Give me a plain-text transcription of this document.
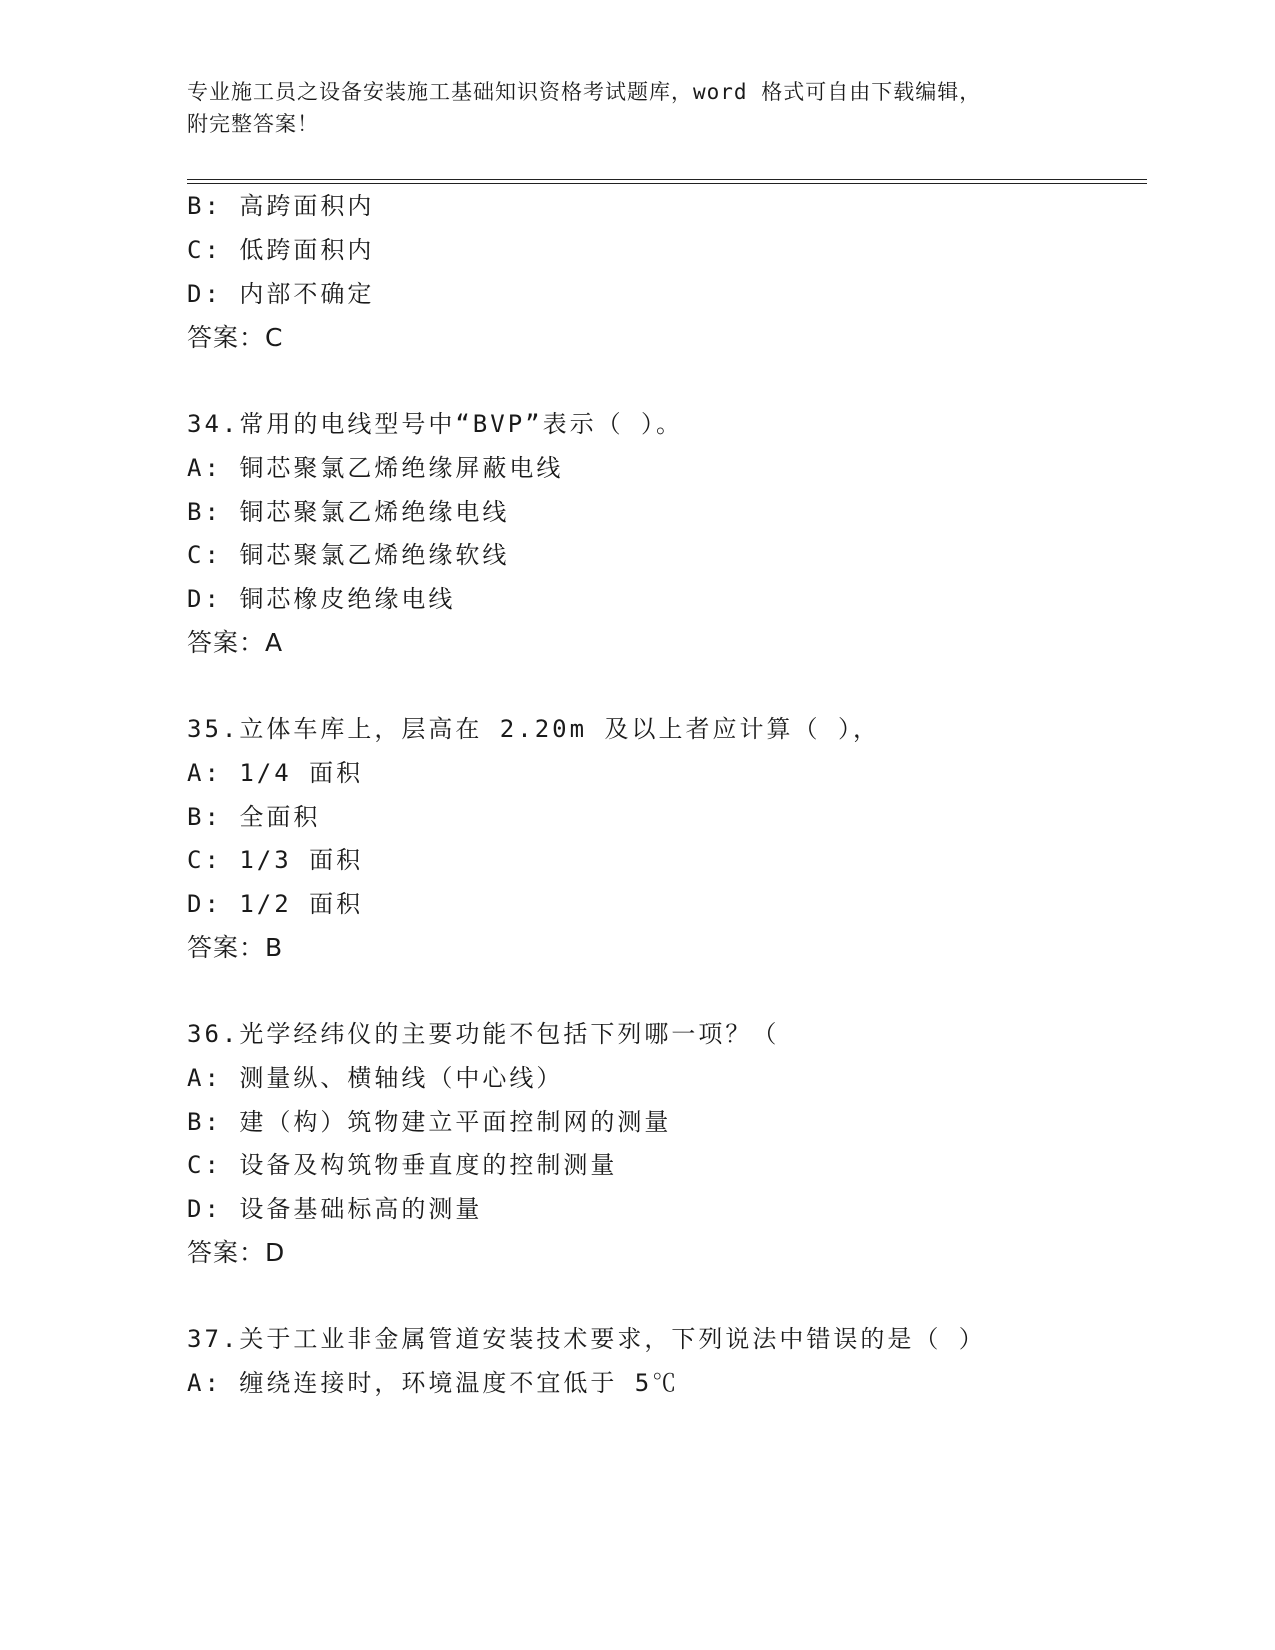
专业施工员之设备安装施工基础知识资格考试题库，word 格式可自由下载编辑，
附完整答案！
B: 高跨面积内
C: 低跨面积内
D: 内部不确定
答案：C
34.常用的电线型号中“BVP”表示（ ）。
A: 铜芯聚氯乙烯绝缘屏蔽电线
B: 铜芯聚氯乙烯绝缘电线
C: 铜芯聚氯乙烯绝缘软线
D: 铜芯橡皮绝缘电线
答案：A
35.立体车库上，层高在 2.20m 及以上者应计算（ ），
A: 1/4 面积
B: 全面积
C: 1/3 面积
D: 1/2 面积
答案：B
36.光学经纬仪的主要功能不包括下列哪一项？（
A: 测量纵、横轴线（中心线）
B: 建（构）筑物建立平面控制网的测量
C: 设备及构筑物垂直度的控制测量
D: 设备基础标高的测量
答案：D
37.关于工业非金属管道安装技术要求，下列说法中错误的是（ ）
A: 缠绕连接时，环境温度不宜低于 5℃
